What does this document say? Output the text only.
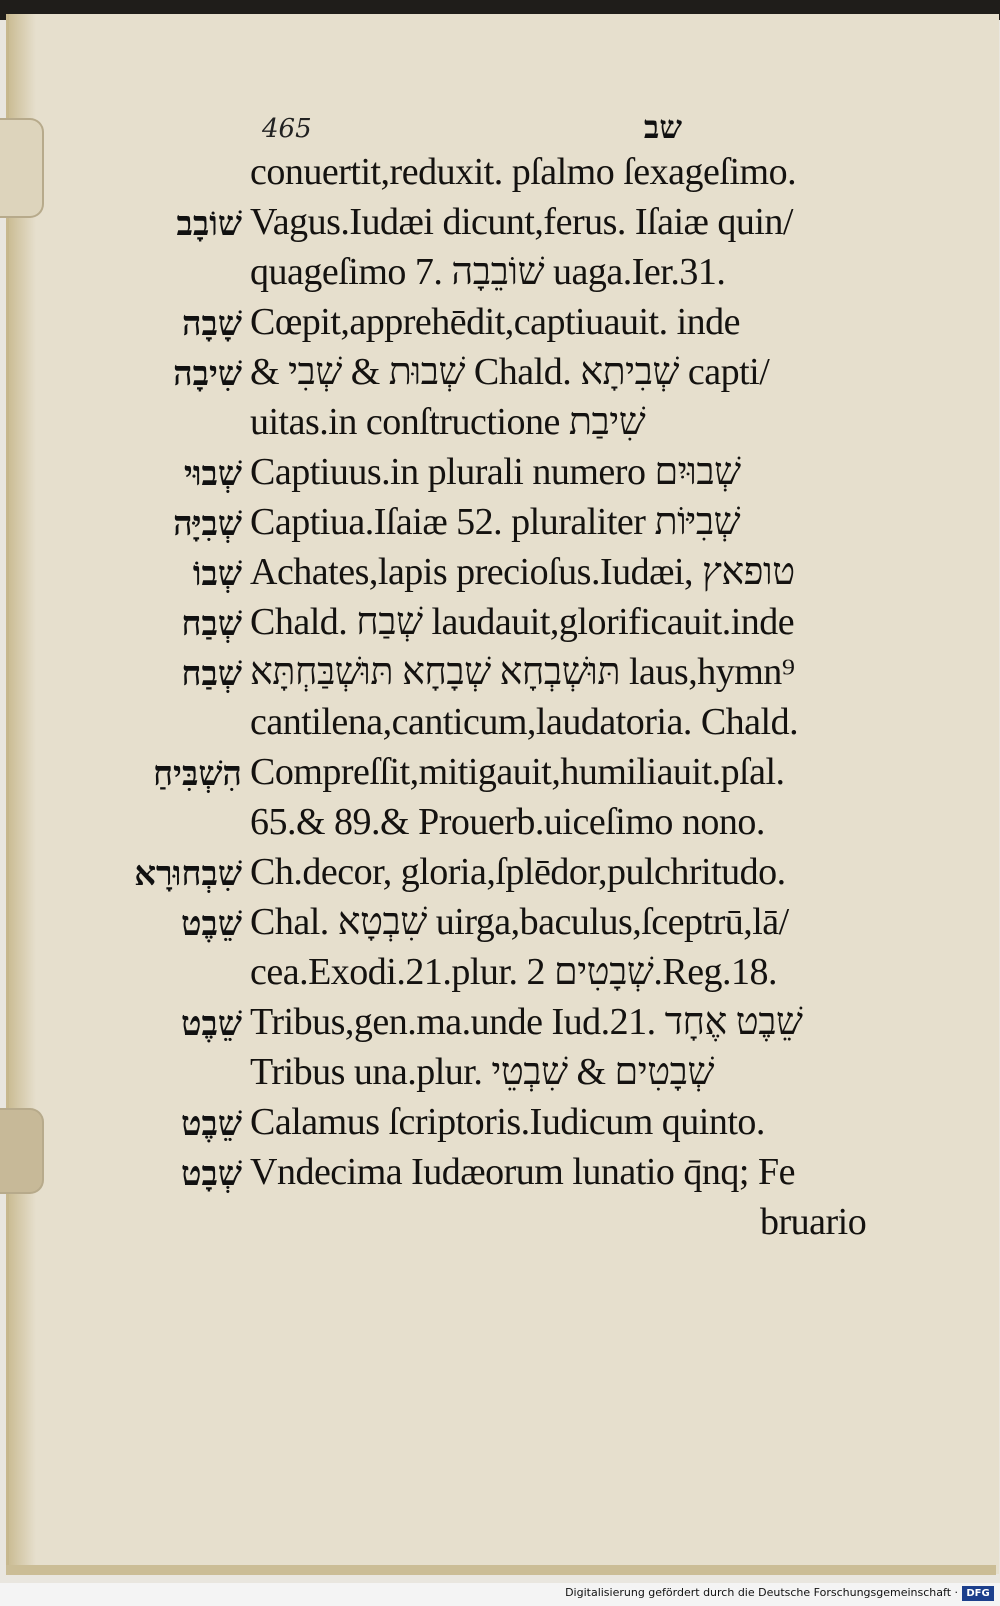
465	שב
conuertit,reduxit. pſalmo ſexageſimo.
שׁוֹבָב Vagus.Iudæi dicunt,ferus. Iſaiæ quin/
quageſimo 7. שׁוֹבֵבָה uaga.Ier.31.
שָׁבָה Cœpit,apprehēdit,captiuauit. inde
שִׁיבָה & שְׁבוּת & שְׁבִי Chald. שְׁבִיתָא capti/
uitas.in conſtructione שִׁיבַת
שְׁבוּי Captiuus.in plurali numero שְׁבוּיִם
שְׁבִיָּה Captiua.Iſaiæ 52. pluraliter שְׁבִיּוֹת
שְׁבוֹ Achates,lapis precioſus.Iudæi, טופאץ
שְׁבַח Chald. שְׁבַח laudauit,glorificauit.inde
שְׁבַח תּוּשְׁבְחָא שְׁבָחָא תּוּשְׁבַּחְתָּא laus,hymn⁹
cantilena,canticum,laudatoria. Chald.
הִשְׁבִּיחַ Compreſſit,mitigauit,humiliauit.pſal.
65.& 89.& Prouerb.uiceſimo nono.
שִׁבְחוּרָא Ch.decor, gloria,ſplēdor,pulchritudo.
שֵׁבֶט Chal. שִׁבְטָא uirga,baculus,ſceptrū,lā/
cea.Exodi.21.plur. שְׁבָטִים 2.Reg.18.
שֵׁבֶט Tribus,gen.ma.unde Iud.21. שֵׁבֶט אֶחָד
Tribus una.plur. שְׁבָטִים & שִׁבְטֵי
שֵׁבֶט Calamus ſcriptoris.Iudicum quinto.
שְׁבָט Vndecima Iudæorum lunatio q̄nq; Fe
bruario
Digitalisierung gefördert durch die Deutsche Forschungsgemeinschaft · DFG
